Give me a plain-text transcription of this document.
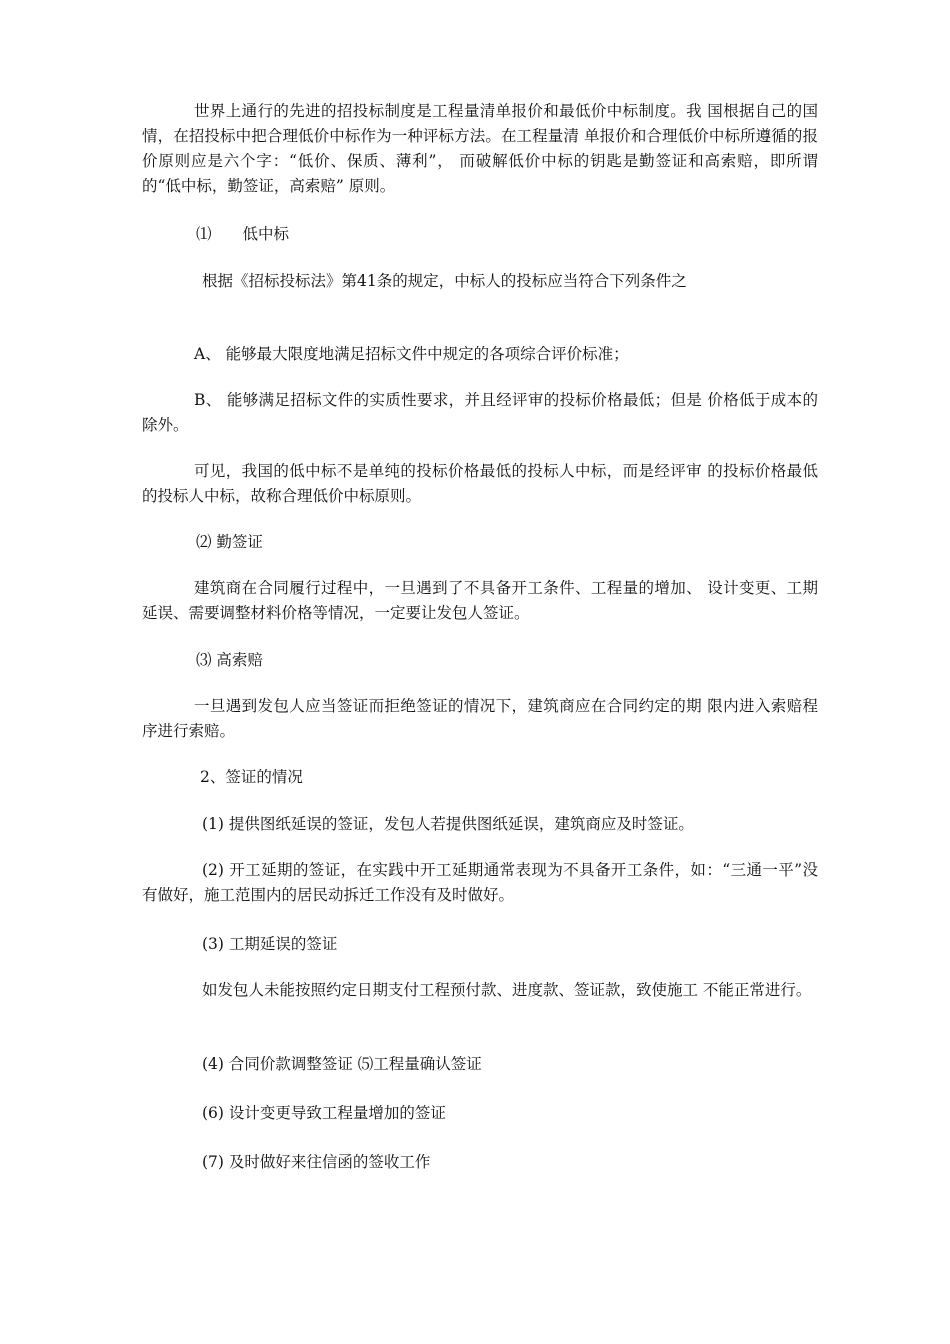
世界上通行的先进的招投标制度是工程量清单报价和最低价中标制度。我 国根据自己的国情，在招投标中把合理低价中标作为一种评标方法。在工程量清 单报价和合理低价中标所遵循的报价原则应是六个字：“低价、保质、薄利”， 而破解低价中标的钥匙是勤签证和高索赔，即所谓的“低中标，勤签证，高索赔” 原则。

⑴　　低中标

根据《招标投标法》第41条的规定，中标人的投标应当符合下列条件之

A、 能够最大限度地满足招标文件中规定的各项综合评价标准；

B、 能够满足招标文件的实质性要求，并且经评审的投标价格最低；但是 价格低于成本的除外。

可见，我国的低中标不是单纯的投标价格最低的投标人中标，而是经评审 的投标价格最低的投标人中标，故称合理低价中标原则。

⑵ 勤签证

建筑商在合同履行过程中，一旦遇到了不具备开工条件、工程量的增加、 设计变更、工期延误、需要调整材料价格等情况，一定要让发包人签证。

⑶ 高索赔

一旦遇到发包人应当签证而拒绝签证的情况下，建筑商应在合同约定的期 限内进入索赔程序进行索赔。

2、签证的情况

(1) 提供图纸延误的签证，发包人若提供图纸延误，建筑商应及时签证。

(2) 开工延期的签证，在实践中开工延期通常表现为不具备开工条件，如：“三通一平”没有做好，施工范围内的居民动拆迁工作没有及时做好。

(3) 工期延误的签证

如发包人未能按照约定日期支付工程预付款、进度款、签证款，致使施工 不能正常进行。

(4) 合同价款调整签证 ⑸工程量确认签证

(6) 设计变更导致工程量增加的签证

(7) 及时做好来往信函的签收工作
